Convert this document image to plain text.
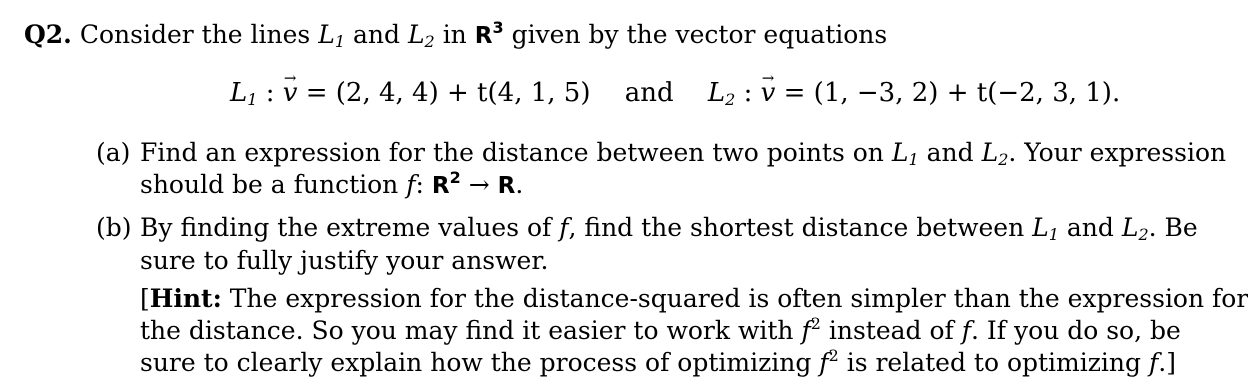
Q2. Consider the lines $L_1$ and $L_2$ in $R^3$ given by the vector equations
$L_1$ : → v = (2, 4, 4) + t(4, 1, 5) and $L_2$ : → v = (1, −3, 2) + t(−2, 3, 1).
(a) Find an expression for the distance between two points on $L_1$ and $L_2$. Your expression
should be a function f: $R^2 \to R$.
(b) By finding the extreme values of f, find the shortest distance between $L_1$ and $L_2$. Be
sure to fully justify your answer.
[Hint: The expression for the distance-squared is often simpler than the expression for
the distance. So you may find it easier to work with $f^2$ instead of f. If you do so, be
sure to clearly explain how the process of optimizing $f^2$ is related to optimizing f.]
